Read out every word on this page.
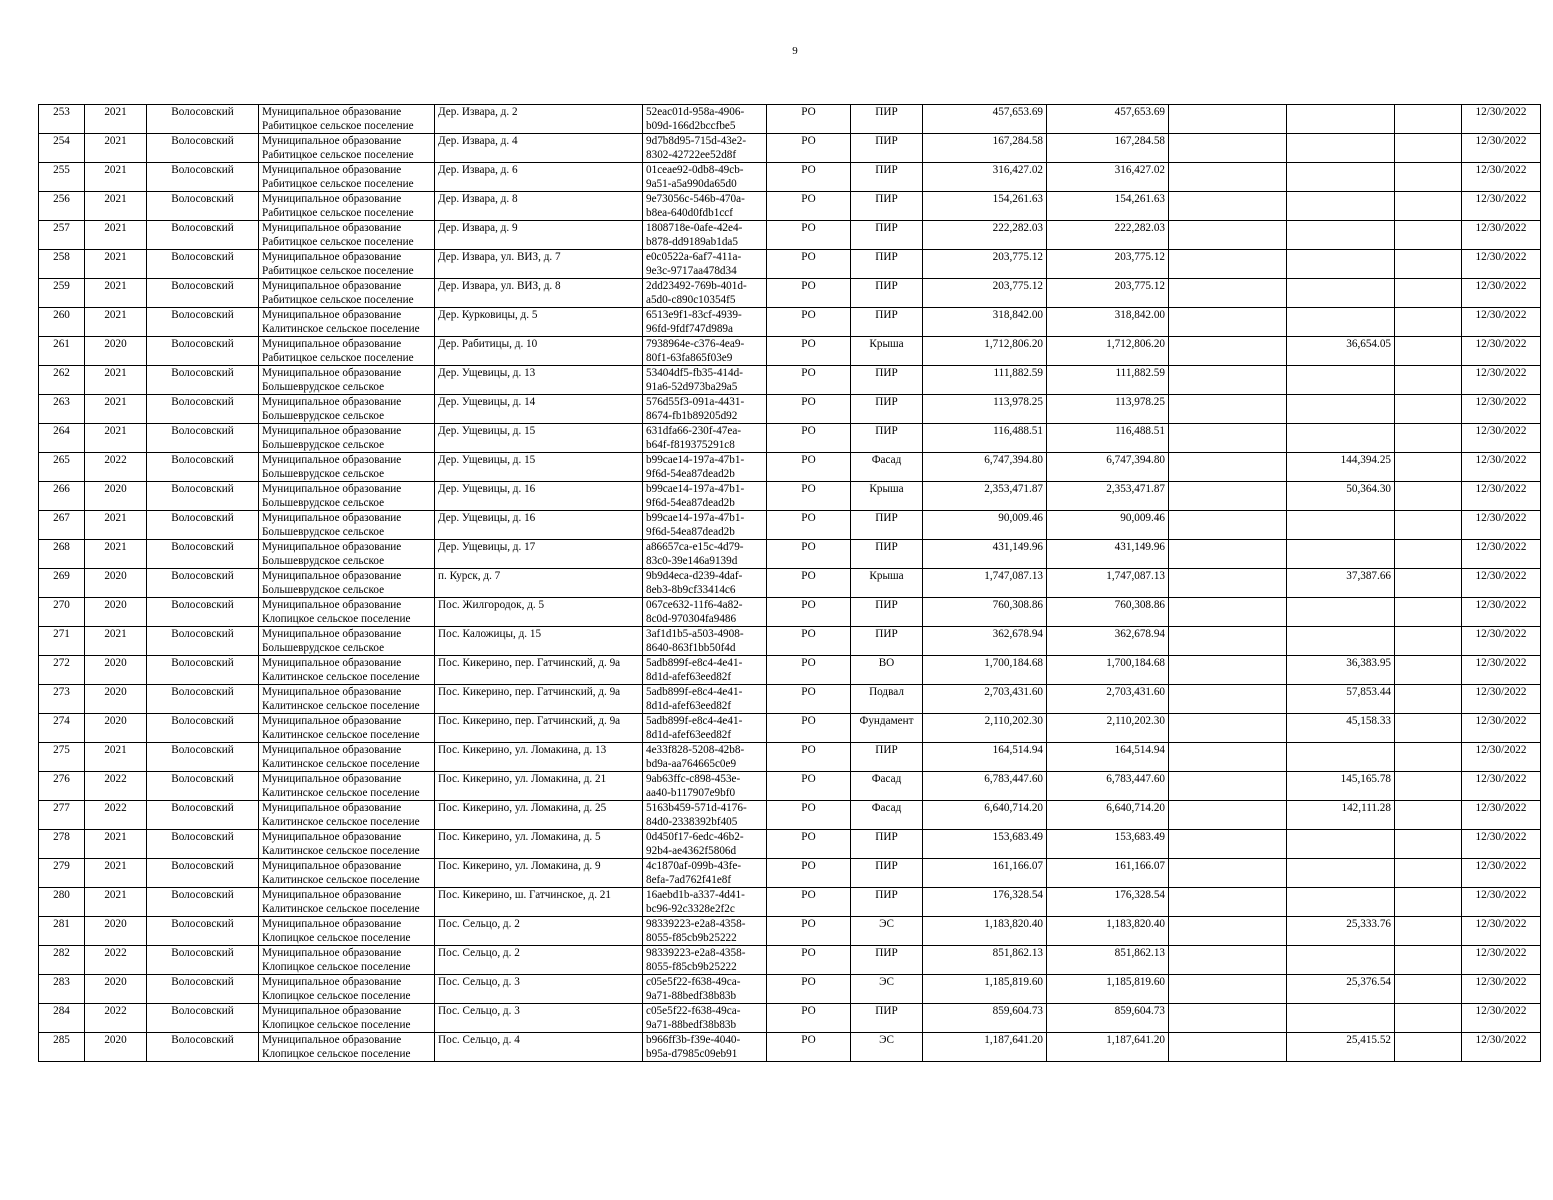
9
253	2021	Волосовский	Муниципальное образование
Рабитицкое сельское поселение	Дер. Извара, д. 2	52eac01d-958a-4906-
b09d-166d2bccfbe5	РО	ПИР	457,653.69	457,653.69				12/30/2022
254	2021	Волосовский	Муниципальное образование
Рабитицкое сельское поселение	Дер. Извара, д. 4	9d7b8d95-715d-43e2-
8302-42722ee52d8f	РО	ПИР	167,284.58	167,284.58				12/30/2022
255	2021	Волосовский	Муниципальное образование
Рабитицкое сельское поселение	Дер. Извара, д. 6	01ceae92-0db8-49cb-
9a51-a5a990da65d0	РО	ПИР	316,427.02	316,427.02				12/30/2022
256	2021	Волосовский	Муниципальное образование
Рабитицкое сельское поселение	Дер. Извара, д. 8	9e73056c-546b-470a-
b8ea-640d0fdb1ccf	РО	ПИР	154,261.63	154,261.63				12/30/2022
257	2021	Волосовский	Муниципальное образование
Рабитицкое сельское поселение	Дер. Извара, д. 9	1808718e-0afe-42e4-
b878-dd9189ab1da5	РО	ПИР	222,282.03	222,282.03				12/30/2022
258	2021	Волосовский	Муниципальное образование
Рабитицкое сельское поселение	Дер. Извара, ул. ВИЗ, д. 7	e0c0522a-6af7-411a-
9e3c-9717aa478d34	РО	ПИР	203,775.12	203,775.12				12/30/2022
259	2021	Волосовский	Муниципальное образование
Рабитицкое сельское поселение	Дер. Извара, ул. ВИЗ, д. 8	2dd23492-769b-401d-
a5d0-c890c10354f5	РО	ПИР	203,775.12	203,775.12				12/30/2022
260	2021	Волосовский	Муниципальное образование
Калитинское сельское поселение	Дер. Курковицы, д. 5	6513e9f1-83cf-4939-
96fd-9fdf747d989a	РО	ПИР	318,842.00	318,842.00				12/30/2022
261	2020	Волосовский	Муниципальное образование
Рабитицкое сельское поселение	Дер. Рабитицы, д. 10	7938964e-c376-4ea9-
80f1-63fa865f03e9	РО	Крыша	1,712,806.20	1,712,806.20		36,654.05		12/30/2022
262	2021	Волосовский	Муниципальное образование
Большеврудское сельское	Дер. Ущевицы, д. 13	53404df5-fb35-414d-
91a6-52d973ba29a5	РО	ПИР	111,882.59	111,882.59				12/30/2022
263	2021	Волосовский	Муниципальное образование
Большеврудское сельское	Дер. Ущевицы, д. 14	576d55f3-091a-4431-
8674-fb1b89205d92	РО	ПИР	113,978.25	113,978.25				12/30/2022
264	2021	Волосовский	Муниципальное образование
Большеврудское сельское	Дер. Ущевицы, д. 15	631dfa66-230f-47ea-
b64f-f819375291c8	РО	ПИР	116,488.51	116,488.51				12/30/2022
265	2022	Волосовский	Муниципальное образование
Большеврудское сельское	Дер. Ущевицы, д. 15	b99cae14-197a-47b1-
9f6d-54ea87dead2b	РО	Фасад	6,747,394.80	6,747,394.80		144,394.25		12/30/2022
266	2020	Волосовский	Муниципальное образование
Большеврудское сельское	Дер. Ущевицы, д. 16	b99cae14-197a-47b1-
9f6d-54ea87dead2b	РО	Крыша	2,353,471.87	2,353,471.87		50,364.30		12/30/2022
267	2021	Волосовский	Муниципальное образование
Большеврудское сельское	Дер. Ущевицы, д. 16	b99cae14-197a-47b1-
9f6d-54ea87dead2b	РО	ПИР	90,009.46	90,009.46				12/30/2022
268	2021	Волосовский	Муниципальное образование
Большеврудское сельское	Дер. Ущевицы, д. 17	a86657ca-e15c-4d79-
83c0-39e146a9139d	РО	ПИР	431,149.96	431,149.96				12/30/2022
269	2020	Волосовский	Муниципальное образование
Большеврудское сельское	п. Курск, д. 7	9b9d4eca-d239-4daf-
8eb3-8b9cf33414c6	РО	Крыша	1,747,087.13	1,747,087.13		37,387.66		12/30/2022
270	2020	Волосовский	Муниципальное образование
Клопицкое сельское поселение	Пос. Жилгородок, д. 5	067ce632-11f6-4a82-
8c0d-970304fa9486	РО	ПИР	760,308.86	760,308.86				12/30/2022
271	2021	Волосовский	Муниципальное образование
Большеврудское сельское	Пос. Каложицы, д. 15	3af1d1b5-a503-4908-
8640-863f1bb50f4d	РО	ПИР	362,678.94	362,678.94				12/30/2022
272	2020	Волосовский	Муниципальное образование
Калитинское сельское поселение	Пос. Кикерино, пер. Гатчинский, д. 9а	5adb899f-e8c4-4e41-
8d1d-afef63eed82f	РО	ВО	1,700,184.68	1,700,184.68		36,383.95		12/30/2022
273	2020	Волосовский	Муниципальное образование
Калитинское сельское поселение	Пос. Кикерино, пер. Гатчинский, д. 9а	5adb899f-e8c4-4e41-
8d1d-afef63eed82f	РО	Подвал	2,703,431.60	2,703,431.60		57,853.44		12/30/2022
274	2020	Волосовский	Муниципальное образование
Калитинское сельское поселение	Пос. Кикерино, пер. Гатчинский, д. 9а	5adb899f-e8c4-4e41-
8d1d-afef63eed82f	РО	Фундамент	2,110,202.30	2,110,202.30		45,158.33		12/30/2022
275	2021	Волосовский	Муниципальное образование
Калитинское сельское поселение	Пос. Кикерино, ул. Ломакина, д. 13	4e33f828-5208-42b8-
bd9a-aa764665c0e9	РО	ПИР	164,514.94	164,514.94				12/30/2022
276	2022	Волосовский	Муниципальное образование
Калитинское сельское поселение	Пос. Кикерино, ул. Ломакина, д. 21	9ab63ffc-c898-453e-
aa40-b117907e9bf0	РО	Фасад	6,783,447.60	6,783,447.60		145,165.78		12/30/2022
277	2022	Волосовский	Муниципальное образование
Калитинское сельское поселение	Пос. Кикерино, ул. Ломакина, д. 25	5163b459-571d-4176-
84d0-2338392bf405	РО	Фасад	6,640,714.20	6,640,714.20		142,111.28		12/30/2022
278	2021	Волосовский	Муниципальное образование
Калитинское сельское поселение	Пос. Кикерино, ул. Ломакина, д. 5	0d450f17-6edc-46b2-
92b4-ae4362f5806d	РО	ПИР	153,683.49	153,683.49				12/30/2022
279	2021	Волосовский	Муниципальное образование
Калитинское сельское поселение	Пос. Кикерино, ул. Ломакина, д. 9	4c1870af-099b-43fe-
8efa-7ad762f41e8f	РО	ПИР	161,166.07	161,166.07				12/30/2022
280	2021	Волосовский	Муниципальное образование
Калитинское сельское поселение	Пос. Кикерино, ш. Гатчинское, д. 21	16aebd1b-a337-4d41-
bc96-92c3328e2f2c	РО	ПИР	176,328.54	176,328.54				12/30/2022
281	2020	Волосовский	Муниципальное образование
Клопицкое сельское поселение	Пос. Сельцо, д. 2	98339223-e2a8-4358-
8055-f85cb9b25222	РО	ЭС	1,183,820.40	1,183,820.40		25,333.76		12/30/2022
282	2022	Волосовский	Муниципальное образование
Клопицкое сельское поселение	Пос. Сельцо, д. 2	98339223-e2a8-4358-
8055-f85cb9b25222	РО	ПИР	851,862.13	851,862.13				12/30/2022
283	2020	Волосовский	Муниципальное образование
Клопицкое сельское поселение	Пос. Сельцо, д. 3	c05e5f22-f638-49ca-
9a71-88bedf38b83b	РО	ЭС	1,185,819.60	1,185,819.60		25,376.54		12/30/2022
284	2022	Волосовский	Муниципальное образование
Клопицкое сельское поселение	Пос. Сельцо, д. 3	c05e5f22-f638-49ca-
9a71-88bedf38b83b	РО	ПИР	859,604.73	859,604.73				12/30/2022
285	2020	Волосовский	Муниципальное образование
Клопицкое сельское поселение	Пос. Сельцо, д. 4	b966ff3b-f39e-4040-
b95a-d7985c09eb91	РО	ЭС	1,187,641.20	1,187,641.20		25,415.52		12/30/2022
